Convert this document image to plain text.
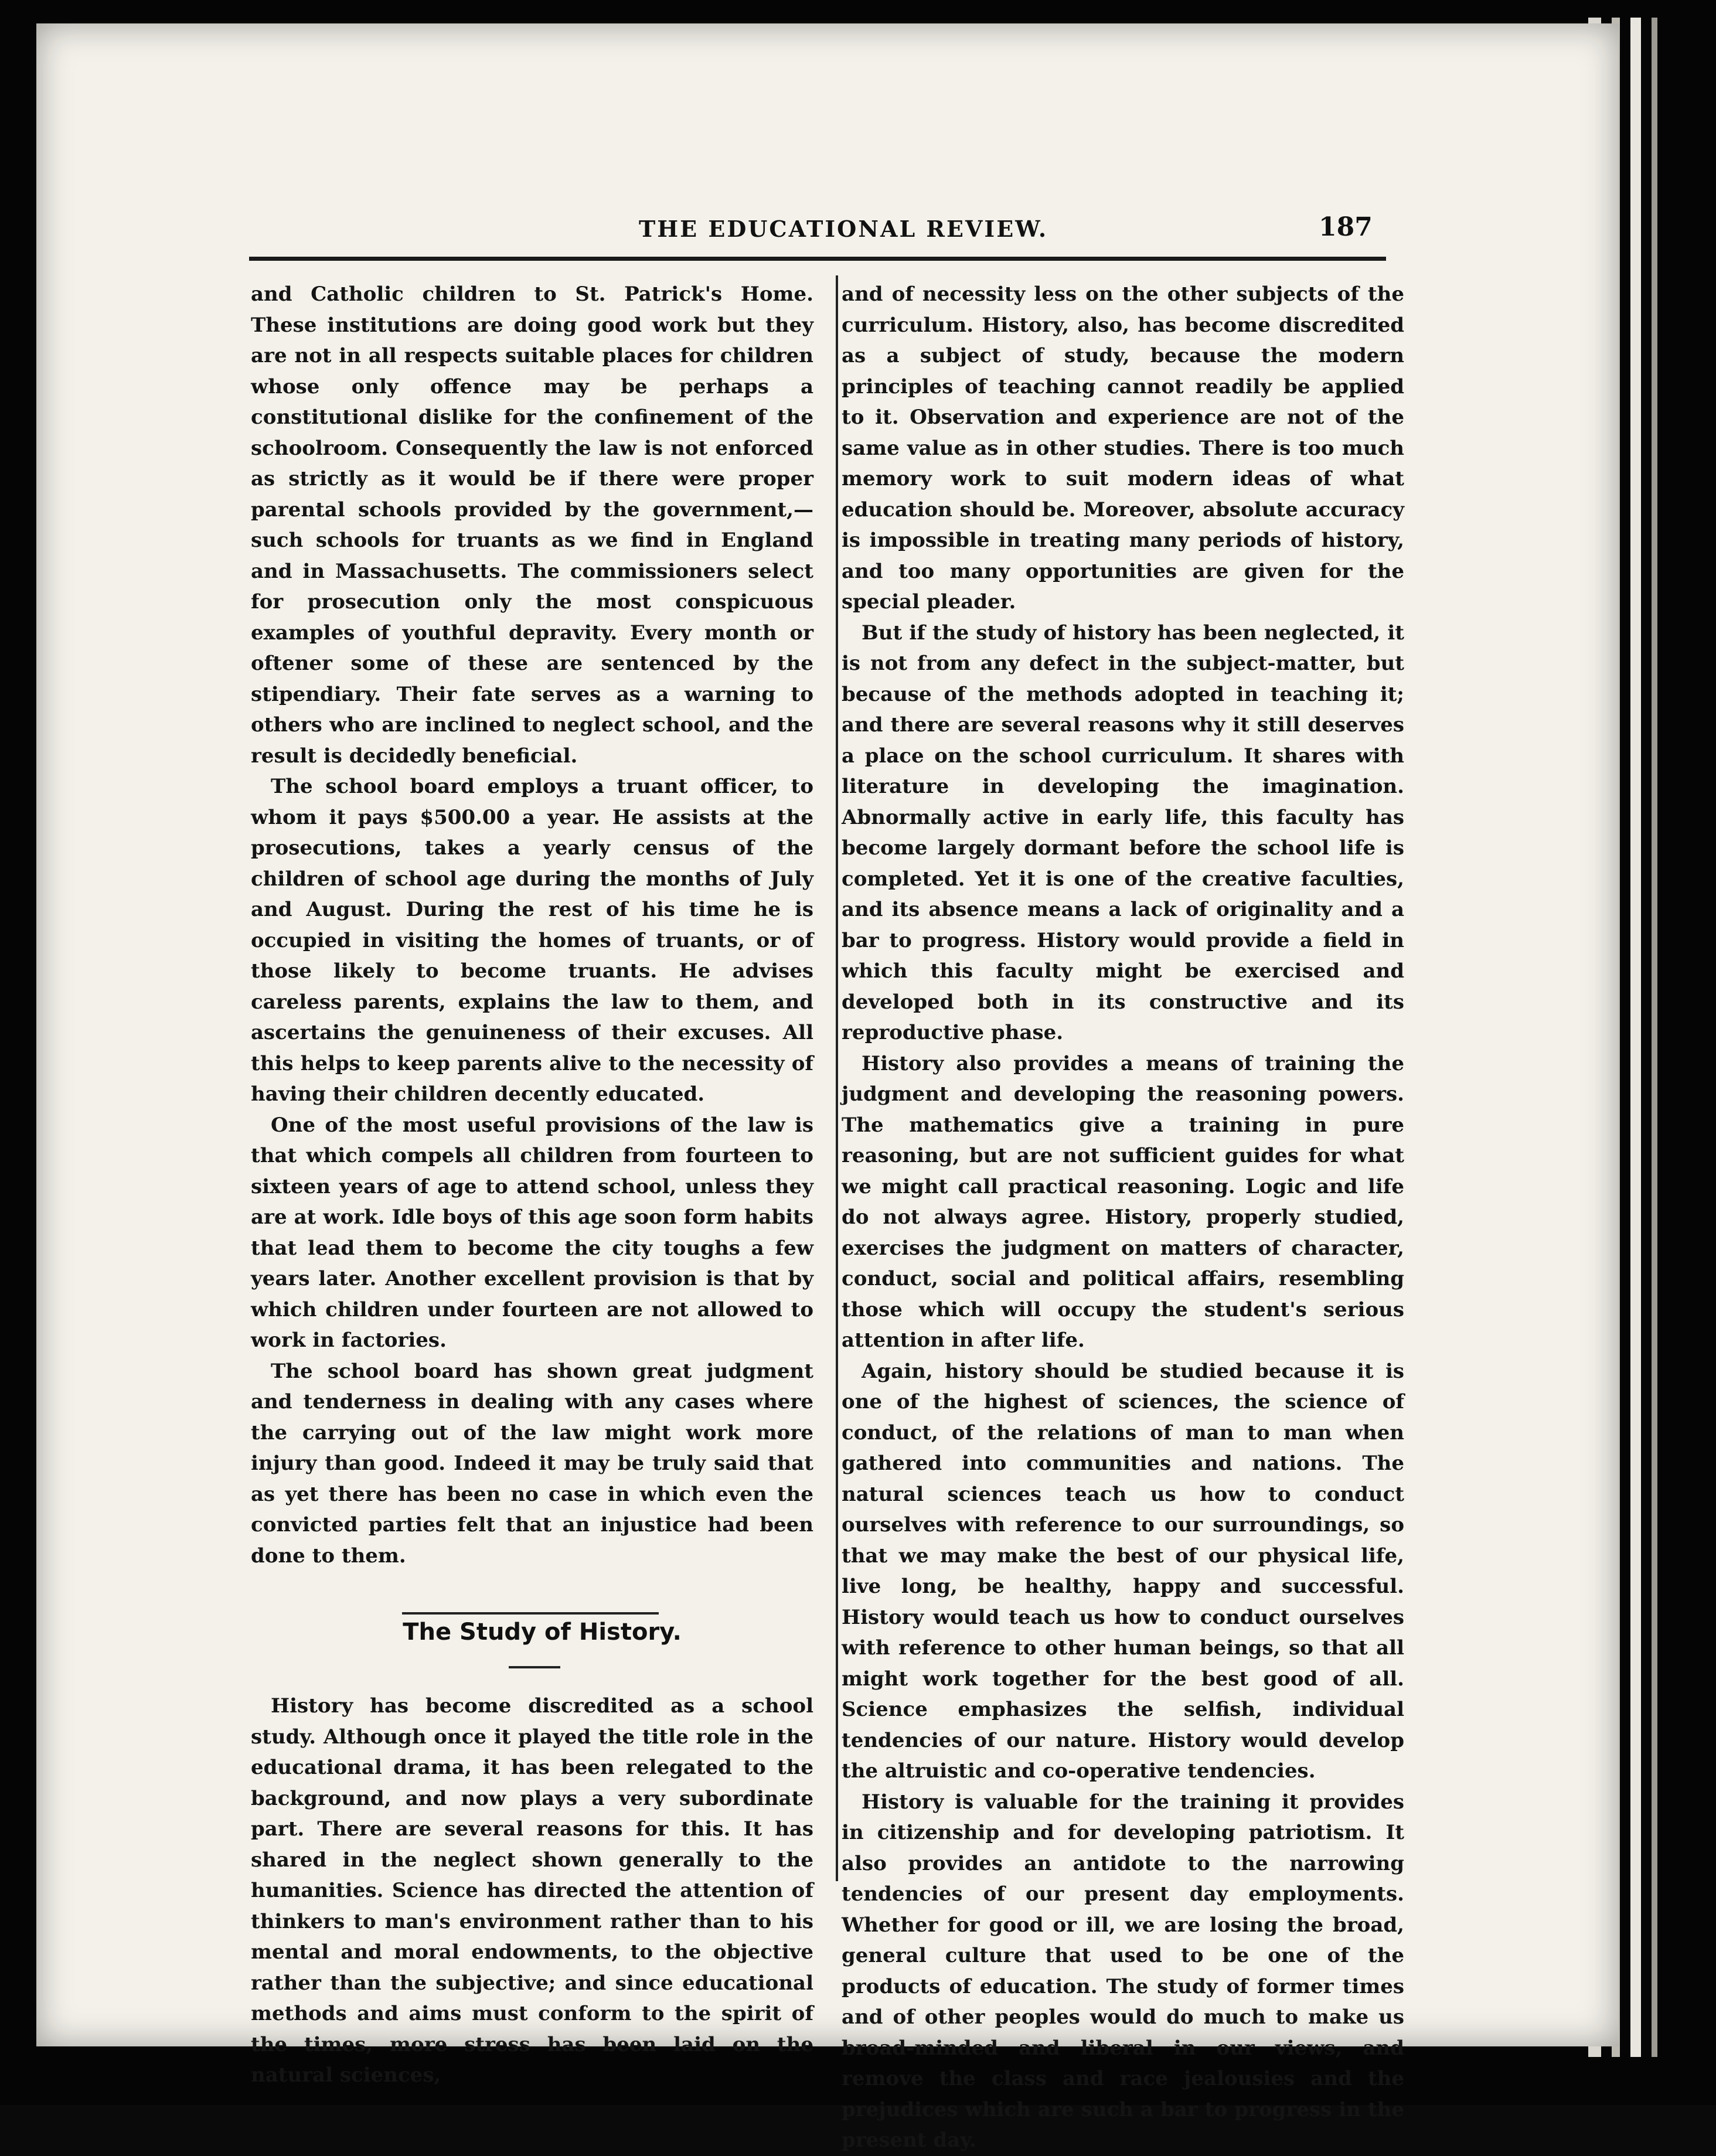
THE EDUCATIONAL REVIEW.	187

and Catholic children to St. Patrick's Home. These institutions are doing good work but they are not in all respects suitable places for children whose only offence may be perhaps a constitutional dislike for the confinement of the schoolroom. Consequently the law is not enforced as strictly as it would be if there were proper parental schools provided by the government,—such schools for truants as we find in England and in Massachusetts. The commissioners select for prosecution only the most conspicuous examples of youthful depravity. Every month or oftener some of these are sentenced by the stipendiary. Their fate serves as a warning to others who are inclined to neglect school, and the result is decidedly beneficial.

The school board employs a truant officer, to whom it pays $500.00 a year. He assists at the prosecutions, takes a yearly census of the children of school age during the months of July and August. During the rest of his time he is occupied in visiting the homes of truants, or of those likely to become truants. He advises careless parents, explains the law to them, and ascertains the genuineness of their excuses. All this helps to keep parents alive to the necessity of having their children decently educated.

One of the most useful provisions of the law is that which compels all children from fourteen to sixteen years of age to attend school, unless they are at work. Idle boys of this age soon form habits that lead them to become the city toughs a few years later. Another excellent provision is that by which children under fourteen are not allowed to work in factories.

The school board has shown great judgment and tenderness in dealing with any cases where the carrying out of the law might work more injury than good. Indeed it may be truly said that as yet there has been no case in which even the convicted parties felt that an injustice had been done to them.

The Study of History.

History has become discredited as a school study. Although once it played the title role in the educational drama, it has been relegated to the background, and now plays a very subordinate part. There are several reasons for this. It has shared in the neglect shown generally to the humanities. Science has directed the attention of thinkers to man's environment rather than to his mental and moral endowments, to the objective rather than the subjective; and since educational methods and aims must conform to the spirit of the times, more stress has been laid on the natural sciences,

and of necessity less on the other subjects of the curriculum. History, also, has become discredited as a subject of study, because the modern principles of teaching cannot readily be applied to it. Observation and experience are not of the same value as in other studies. There is too much memory work to suit modern ideas of what education should be. Moreover, absolute accuracy is impossible in treating many periods of history, and too many opportunities are given for the special pleader.

But if the study of history has been neglected, it is not from any defect in the subject-matter, but because of the methods adopted in teaching it; and there are several reasons why it still deserves a place on the school curriculum. It shares with literature in developing the imagination. Abnormally active in early life, this faculty has become largely dormant before the school life is completed. Yet it is one of the creative faculties, and its absence means a lack of originality and a bar to progress. History would provide a field in which this faculty might be exercised and developed both in its constructive and its reproductive phase.

History also provides a means of training the judgment and developing the reasoning powers. The mathematics give a training in pure reasoning, but are not sufficient guides for what we might call practical reasoning. Logic and life do not always agree. History, properly studied, exercises the judgment on matters of character, conduct, social and political affairs, resembling those which will occupy the student's serious attention in after life.

Again, history should be studied because it is one of the highest of sciences, the science of conduct, of the relations of man to man when gathered into communities and nations. The natural sciences teach us how to conduct ourselves with reference to our surroundings, so that we may make the best of our physical life, live long, be healthy, happy and successful. History would teach us how to conduct ourselves with reference to other human beings, so that all might work together for the best good of all. Science emphasizes the selfish, individual tendencies of our nature. History would develop the altruistic and co-operative tendencies.

History is valuable for the training it provides in citizenship and for developing patriotism. It also provides an antidote to the narrowing tendencies of our present day employments. Whether for good or ill, we are losing the broad, general culture that used to be one of the products of education. The study of former times and of other peoples would do much to make us broad-minded and liberal in our views, and remove the class and race jealousies and the prejudices which are such a bar to progress in the present day.
